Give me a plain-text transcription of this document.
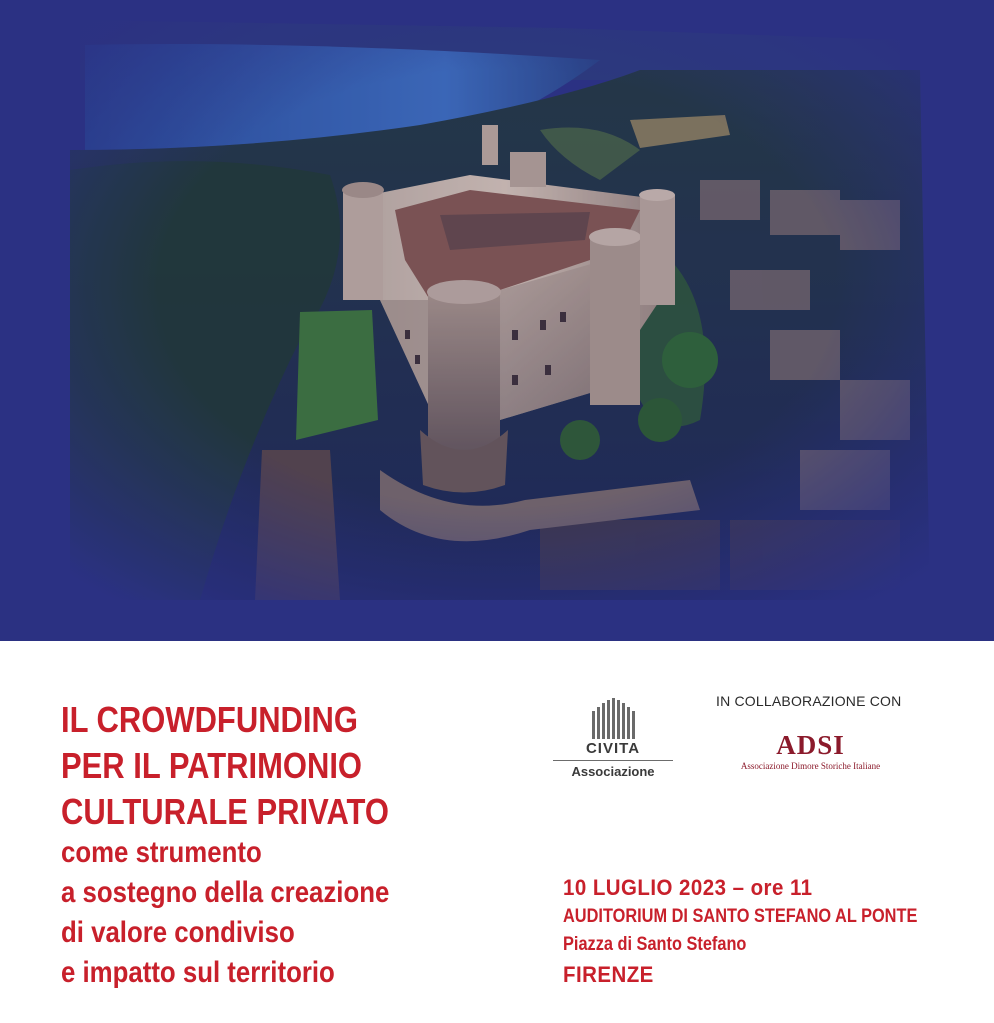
IL CROWDFUNDING
PER IL PATRIMONIO
CULTURALE PRIVATO
come strumento
a sostegno della creazione
di valore condiviso
e impatto sul territorio
CIVITA
Associazione
IN COLLABORAZIONE CON
ADSI
Associazione Dimore Storiche Italiane
10 LUGLIO 2023 – ore 11
AUDITORIUM DI SANTO STEFANO AL PONTE
Piazza di Santo Stefano
FIRENZE
